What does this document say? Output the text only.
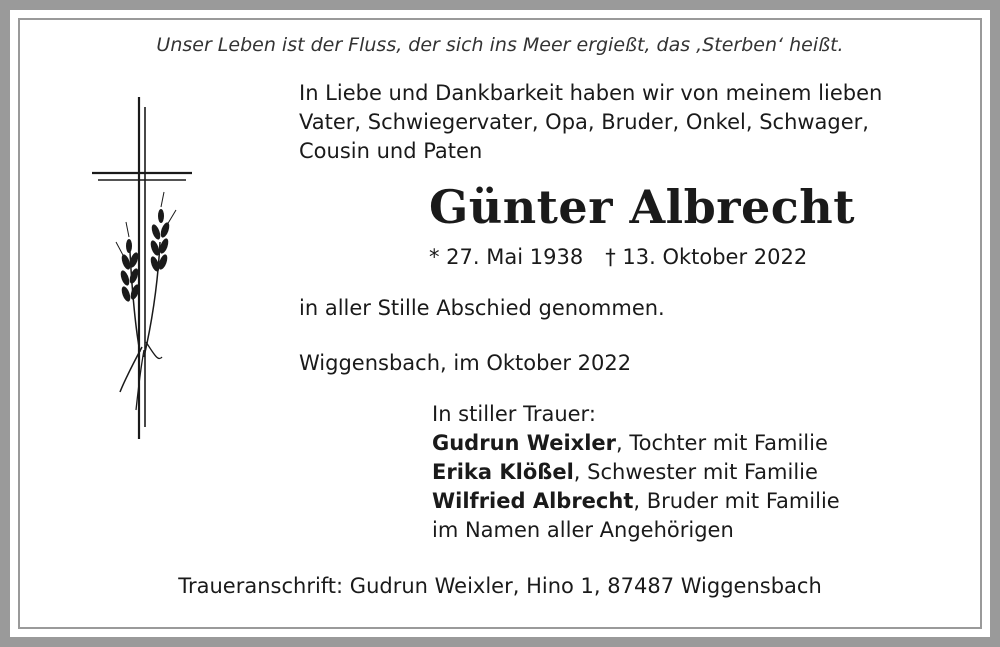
Unser Leben ist der Fluss, der sich ins Meer ergießt, das ‚Sterben‘ heißt.
In Liebe und Dankbarkeit haben wir von meinem lieben
Vater, Schwiegervater, Opa, Bruder, Onkel, Schwager,
Cousin und Paten
Günter Albrecht
* 27. Mai 1938 † 13. Oktober 2022
in aller Stille Abschied genommen.
Wiggensbach, im Oktober 2022
In stiller Trauer:
Gudrun Weixler, Tochter mit Familie
Erika Klößel, Schwester mit Familie
Wilfried Albrecht, Bruder mit Familie
im Namen aller Angehörigen
Traueranschrift: Gudrun Weixler, Hino 1, 87487 Wiggensbach
